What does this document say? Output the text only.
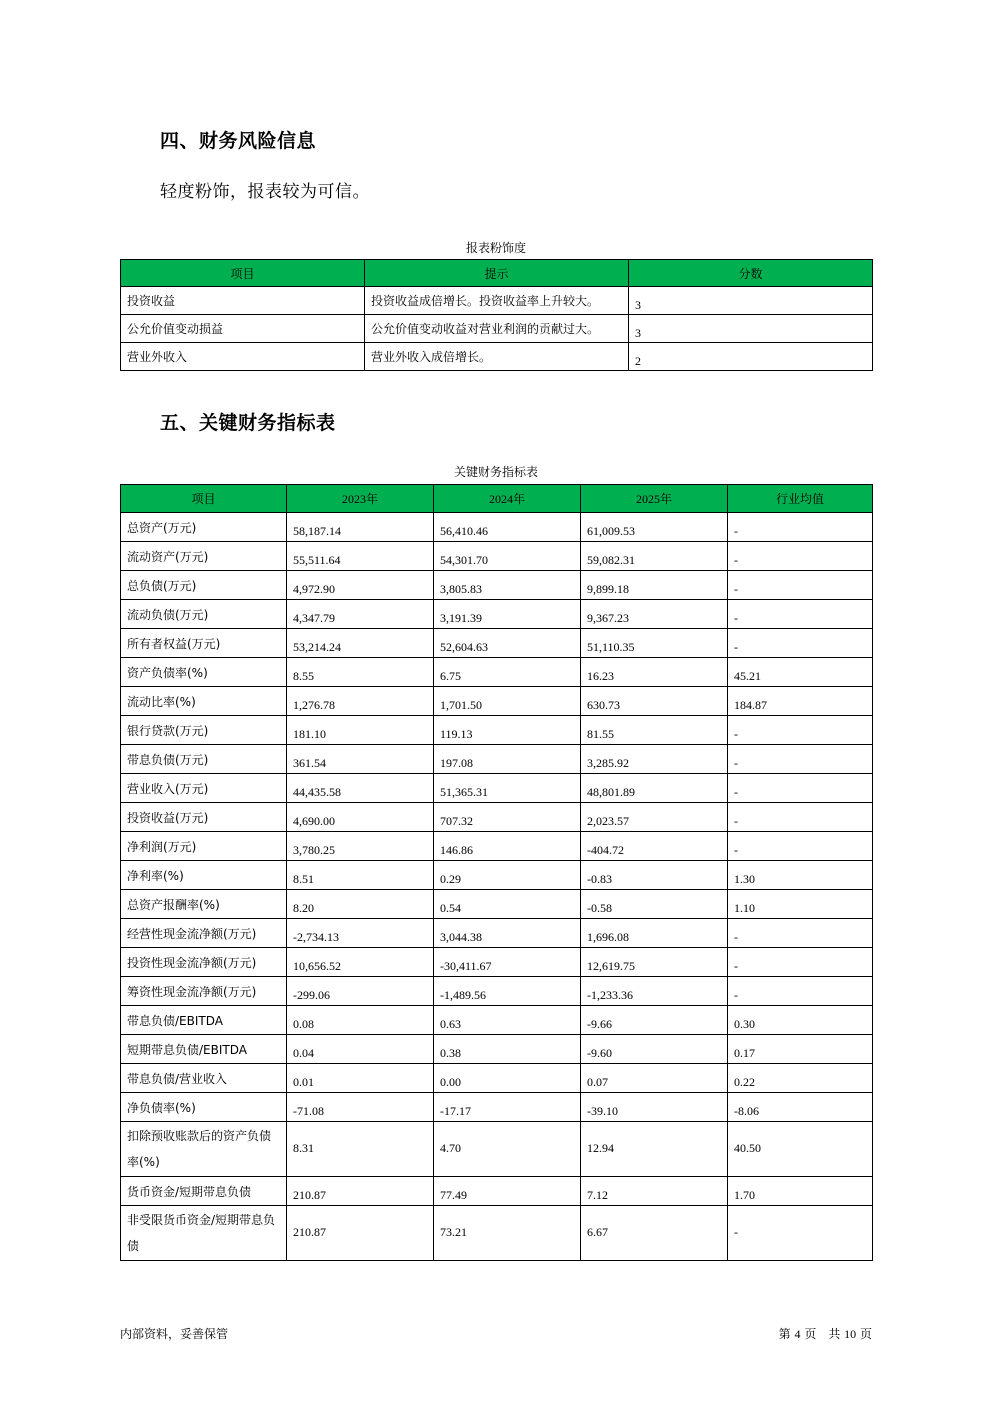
四、财务风险信息
轻度粉饰，报表较为可信。
报表粉饰度
项目	提示	分数
投资收益	投资收益成倍增长。投资收益率上升较大。	3
公允价值变动损益	公允价值变动收益对营业利润的贡献过大。	3
营业外收入	营业外收入成倍增长。	2
五、关键财务指标表
关键财务指标表
项目	2023年	2024年	2025年	行业均值
总资产(万元)	58,187.14	56,410.46	61,009.53	-
流动资产(万元)	55,511.64	54,301.70	59,082.31	-
总负债(万元)	4,972.90	3,805.83	9,899.18	-
流动负债(万元)	4,347.79	3,191.39	9,367.23	-
所有者权益(万元)	53,214.24	52,604.63	51,110.35	-
资产负债率(%)	8.55	6.75	16.23	45.21
流动比率(%)	1,276.78	1,701.50	630.73	184.87
银行贷款(万元)	181.10	119.13	81.55	-
带息负债(万元)	361.54	197.08	3,285.92	-
营业收入(万元)	44,435.58	51,365.31	48,801.89	-
投资收益(万元)	4,690.00	707.32	2,023.57	-
净利润(万元)	3,780.25	146.86	-404.72	-
净利率(%)	8.51	0.29	-0.83	1.30
总资产报酬率(%)	8.20	0.54	-0.58	1.10
经营性现金流净额(万元)	-2,734.13	3,044.38	1,696.08	-
投资性现金流净额(万元)	10,656.52	-30,411.67	12,619.75	-
筹资性现金流净额(万元)	-299.06	-1,489.56	-1,233.36	-
带息负债/EBITDA	0.08	0.63	-9.66	0.30
短期带息负债/EBITDA	0.04	0.38	-9.60	0.17
带息负债/营业收入	0.01	0.00	0.07	0.22
净负债率(%)	-71.08	-17.17	-39.10	-8.06
扣除预收账款后的资产负债率(%)	8.31	4.70	12.94	40.50
货币资金/短期带息负债	210.87	77.49	7.12	1.70
非受限货币资金/短期带息负债	210.87	73.21	6.67	-
内部资料，妥善保管	第 4 页　共 10 页
